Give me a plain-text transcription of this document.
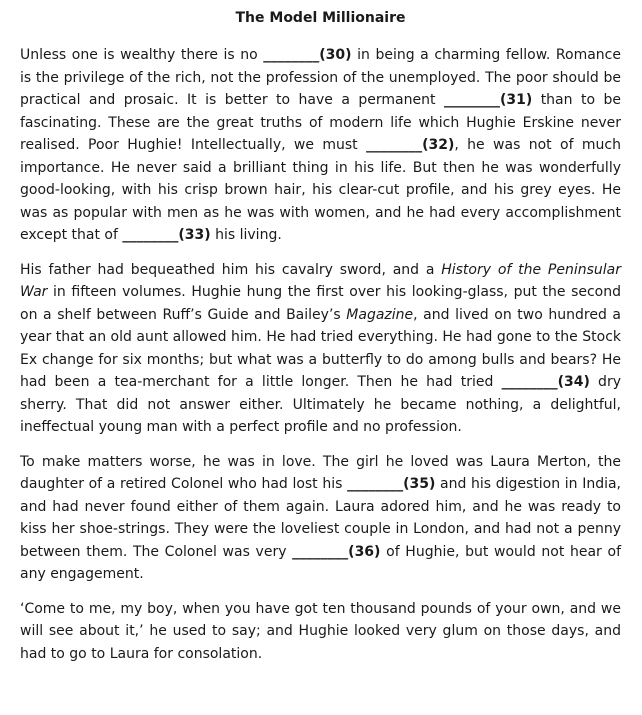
The Model Millionaire

Unless one is wealthy there is no ________(30) in being a charming fellow. Romance is the privilege of the rich, not the profession of the unemployed. The poor should be practical and prosaic. It is better to have a permanent ________(31) than to be fascinating. These are the great truths of modern life which Hughie Erskine never realised. Poor Hughie! Intellectually, we must ________(32), he was not of much importance. He never said a brilliant thing in his life. But then he was wonderfully good-looking, with his crisp brown hair, his clear-cut profile, and his grey eyes. He was as popular with men as he was with women, and he had every accomplishment except that of ________(33) his living.

His father had bequeathed him his cavalry sword, and a History of the Peninsular War in fifteen volumes. Hughie hung the first over his looking-glass, put the second on a shelf between Ruff’s Guide and Bailey’s Magazine, and lived on two hundred a year that an old aunt allowed him. He had tried everything. He had gone to the Stock Ex change for six months; but what was a butterfly to do among bulls and bears? He had been a tea-merchant for a little longer. Then he had tried ________(34) dry sherry. That did not answer either. Ultimately he became nothing, a delightful, ineffectual young man with a perfect profile and no profession.

To make matters worse, he was in love. The girl he loved was Laura Merton, the daughter of a retired Colonel who had lost his ________(35) and his digestion in India, and had never found either of them again. Laura adored him, and he was ready to kiss her shoe-strings. They were the loveliest couple in London, and had not a penny between them. The Colonel was very ________(36) of Hughie, but would not hear of any engagement.

‘Come to me, my boy, when you have got ten thousand pounds of your own, and we will see about it,’ he used to say; and Hughie looked very glum on those days, and had to go to Laura for consolation.
